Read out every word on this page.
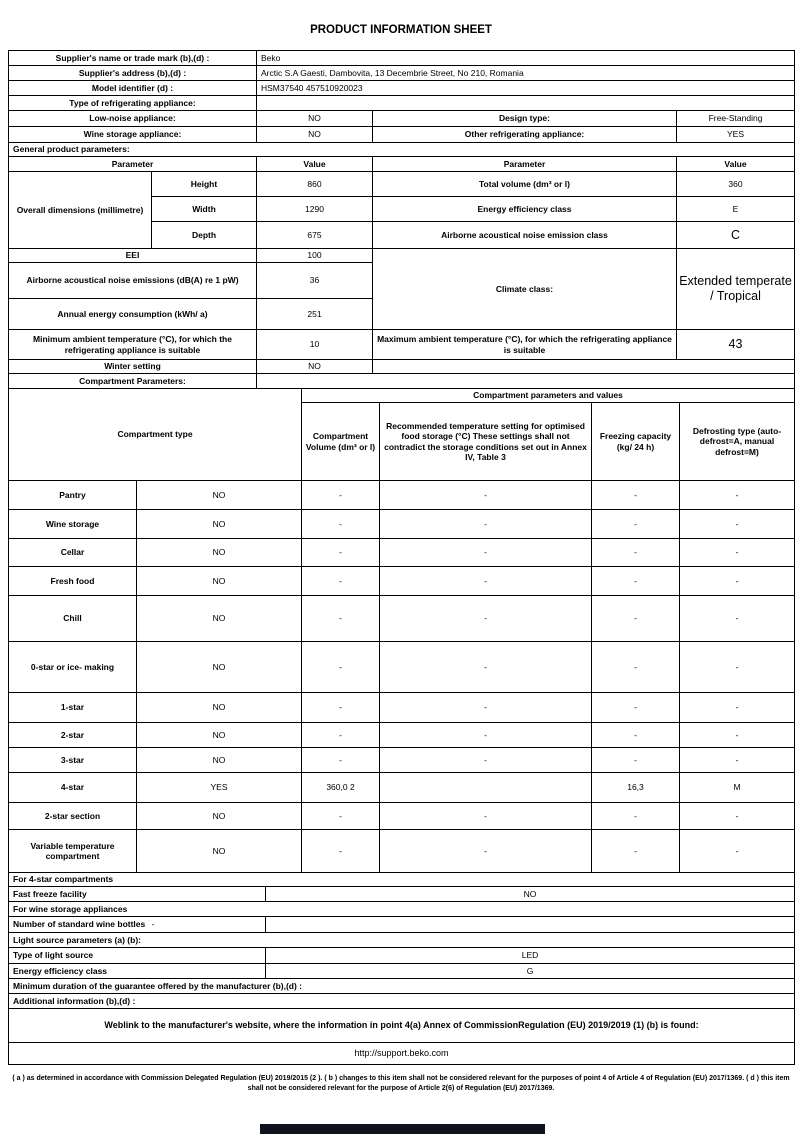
PRODUCT INFORMATION SHEET
Supplier's name or trade mark (b),(d) :	Beko		
Supplier's address (b),(d) :	Arctic S.A Gaesti, Dambovita, 13 Decembrie Street, No 210, Romania		
Model identifier (d) :	HSM37540 457510920023		
Type of refrigerating appliance:			
Low-noise appliance:	NO	Design type:	Free-Standing
Wine storage appliance:	NO	Other refrigerating appliance:	YES
General product parameters:			
Parameter		Value	Parameter	Value
Overall dimensions (millimetre)	Height	860	Total volume (dm³ or l)	360
	Width	1290	Energy efficiency class	E
	Depth	675	Airborne acoustical noise emission class	C
EEI		100	Climate class:	Extended temperate / Tropical
Airborne acoustical noise emissions (dB(A) re 1 pW)		36		
Annual energy consumption (kWh/ a)		251		
Minimum ambient temperature (°C), for which the refrigerating appliance is suitable		10	Maximum ambient temperature (°C), for which the refrigerating appliance is suitable	43
Winter setting		NO		
Compartment Parameters:				
Compartment type		Compartment parameters and values			
		Compartment Volume (dm³ or l)	Recommended temperature setting for optimised food storage (°C) These settings shall not contradict the storage conditions set out in Annex IV, Table 3	Freezing capacity (kg/ 24 h)	Defrosting type (auto-defrost=A, manual defrost=M)
Pantry	NO	-	-	-	-
Wine storage	NO	-	-	-	-
Cellar	NO	-	-	-	-
Fresh food	NO	-	-	-	-
Chill	NO	-	-	-	-
0-star or ice- making	NO	-	-	-	-
1-star	NO	-	-	-	-
2-star	NO	-	-	-	-
3-star	NO	-	-	-	-
4-star	YES	360,0 2		16,3	M
2-star section	NO	-	-	-	-
Variable temperature compartment	NO	-	-	-	-
For 4-star compartments	
Fast freeze facility	NO
For wine storage appliances	
Number of standard wine bottles -	
Light source parameters (a) (b):	
Type of light source	LED
Energy efficiency class	G
Minimum duration of the guarantee offered by the manufacturer (b),(d) :	
Additional information (b),(d) :	
Weblink to the manufacturer's website, where the information in point 4(a) Annex of CommissionRegulation (EU) 2019/2019 (1) (b) is found:	
http://support.beko.com	
( a ) as determined in accordance with Commission Delegated Regulation (EU) 2019/2015 (2 ). ( b ) changes to this item shall not be considered relevant for the purposes of point 4 of Article 4 of Regulation (EU) 2017/1369. ( d ) this item shall not be considered relevant for the purpose of Article 2(6) of Regulation (EU) 2017/1369.
